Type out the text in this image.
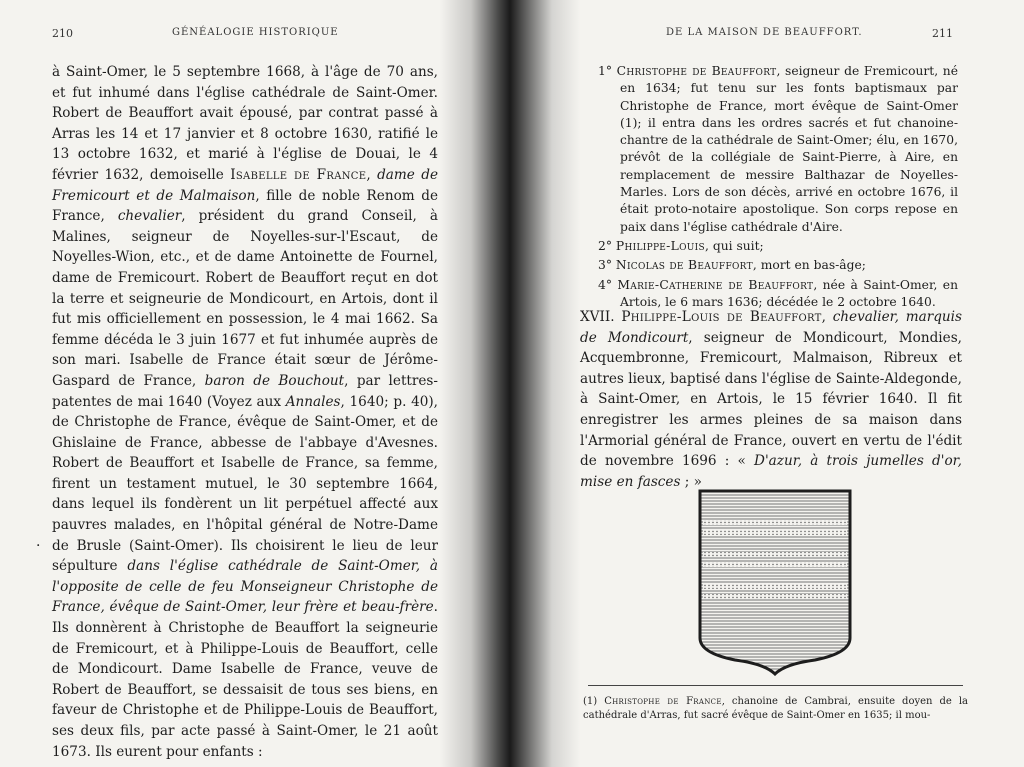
210	GÉNÉALOGIE HISTORIQUE

à Saint-Omer, le 5 septembre 1668, à l'âge de 70 ans, et fut inhumé dans l'église cathédrale de Saint-Omer. Robert de Beauffort avait épousé, par contrat passé à Arras les 14 et 17 janvier et 8 octobre 1630, ratifié le 13 octobre 1632, et marié à l'église de Douai, le 4 février 1632, demoiselle Isabelle de France, dame de Fremicourt et de Malmaison, fille de noble Renom de France, chevalier, président du grand Conseil, à Malines, seigneur de Noyelles-sur-l'Escaut, de Noyelles-Wion, etc., et de dame Antoinette de Fournel, dame de Fremicourt. Robert de Beauffort reçut en dot la terre et seigneurie de Mondicourt, en Artois, dont il fut mis officiellement en possession, le 4 mai 1662. Sa femme décéda le 3 juin 1677 et fut inhumée auprès de son mari. Isabelle de France était sœur de Jérôme-Gaspard de France, baron de Bouchout, par lettres-patentes de mai 1640 (Voyez aux Annales, 1640; p. 40), de Christophe de France, évêque de Saint-Omer, et de Ghislaine de France, abbesse de l'abbaye d'Avesnes. Robert de Beauffort et Isabelle de France, sa femme, firent un testament mutuel, le 30 septembre 1664, dans lequel ils fondèrent un lit perpétuel affecté aux pauvres malades, en l'hôpital général de Notre-Dame de Brusle (Saint-Omer). Ils choisirent le lieu de leur sépulture dans l'église cathédrale de Saint-Omer, à l'opposite de celle de feu Monseigneur Christophe de France, évêque de Saint-Omer, leur frère et beau-frère. Ils donnèrent à Christophe de Beauffort la seigneurie de Fremicourt, et à Philippe-Louis de Beauffort, celle de Mondicourt. Dame Isabelle de France, veuve de Robert de Beauffort, se dessaisit de tous ses biens, en faveur de Christophe et de Philippe-Louis de Beauffort, ses deux fils, par acte passé à Saint-Omer, le 21 août 1673. Ils eurent pour enfants :

·
DE LA MAISON DE BEAUFFORT.	211
1° Christophe de Beauffort, seigneur de Fremicourt, né en 1634; fut tenu sur les fonts baptismaux par Christophe de France, mort évêque de Saint-Omer (1); il entra dans les ordres sacrés et fut chanoine-chantre de la cathédrale de Saint-Omer; élu, en 1670, prévôt de la collégiale de Saint-Pierre, à Aire, en remplacement de messire Balthazar de Noyelles-Marles. Lors de son décès, arrivé en octobre 1676, il était proto-notaire apostolique. Son corps repose en paix dans l'église cathédrale d'Aire.
2° Philippe-Louis, qui suit;
3° Nicolas de Beauffort, mort en bas-âge;
4° Marie-Catherine de Beauffort, née à Saint-Omer, en Artois, le 6 mars 1636; décédée le 2 octobre 1640.

XVII. Philippe-Louis de Beauffort, chevalier, marquis de Mondicourt, seigneur de Mondicourt, Mondies, Acquembronne, Fremicourt, Malmaison, Ribreux et autres lieux, baptisé dans l'église de Sainte-Aldegonde, à Saint-Omer, en Artois, le 15 février 1640. Il fit enregistrer les armes pleines de sa maison dans l'Armorial général de France, ouvert en vertu de l'édit de novembre 1696 : « D'azur, à trois jumelles d'or, mise en fasces ; »

(1) Christophe de France, chanoine de Cambrai, ensuite doyen de la cathédrale d'Arras, fut sacré évêque de Saint-Omer en 1635; il mou-
